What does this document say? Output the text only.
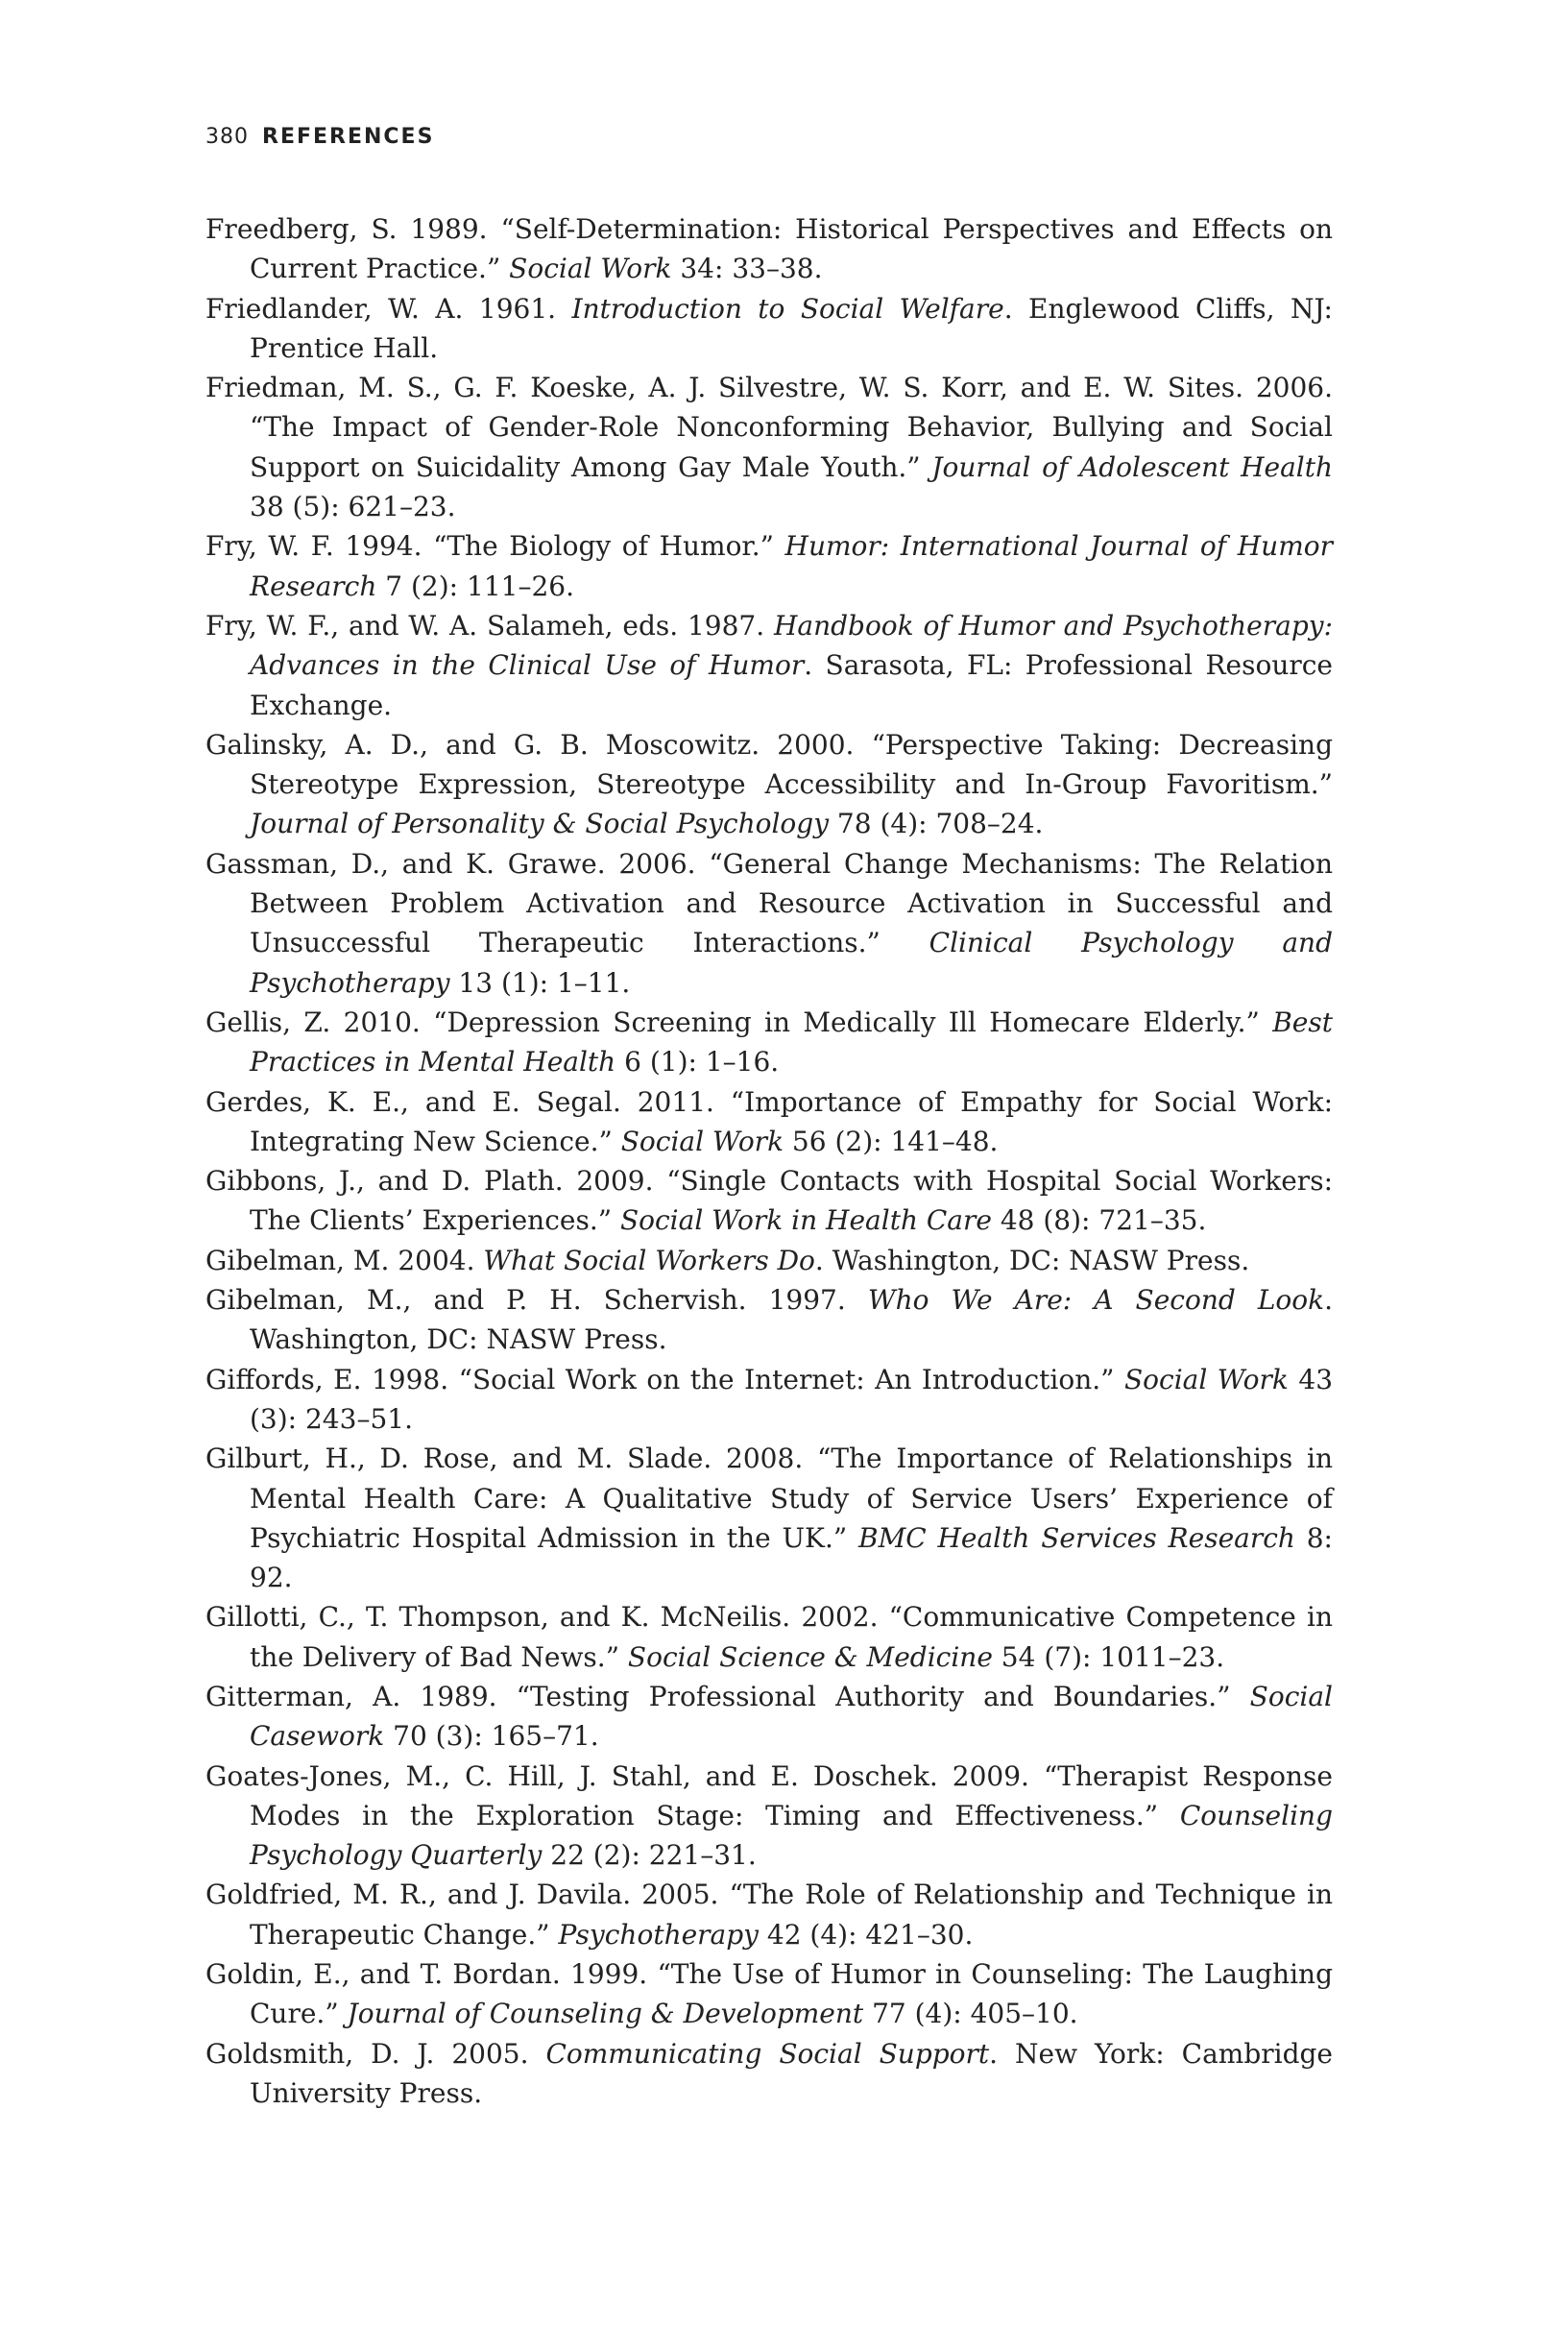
380 REFERENCES

Freedberg, S. 1989. “Self-Determination: Historical Perspectives and Effects on Current Practice.” Social Work 34: 33–38.

Friedlander, W. A. 1961. Introduction to Social Welfare. Englewood Cliffs, NJ: Prentice Hall.

Friedman, M. S., G. F. Koeske, A. J. Silvestre, W. S. Korr, and E. W. Sites. 2006. “The Impact of Gender-Role Nonconforming Behavior, Bullying and Social Support on Suicidality Among Gay Male Youth.” Journal of Adolescent Health 38 (5): 621–23.

Fry, W. F. 1994. “The Biology of Humor.” Humor: International Journal of Humor Research 7 (2): 111–26.

Fry, W. F., and W. A. Salameh, eds. 1987. Handbook of Humor and Psychotherapy: Advances in the Clinical Use of Humor. Sarasota, FL: Professional Resource Exchange.

Galinsky, A. D., and G. B. Moscowitz. 2000. “Perspective Taking: Decreasing Stereotype Expression, Stereotype Accessibility and In-Group Favoritism.” Journal of Personality & Social Psychology 78 (4): 708–24.

Gassman, D., and K. Grawe. 2006. “General Change Mechanisms: The Relation Between Problem Activation and Resource Activation in Successful and Unsuccessful Therapeutic Interactions.” Clinical Psychology and Psychotherapy 13 (1): 1–11.

Gellis, Z. 2010. “Depression Screening in Medically Ill Homecare Elderly.” Best Practices in Mental Health 6 (1): 1–16.

Gerdes, K. E., and E. Segal. 2011. “Importance of Empathy for Social Work: Integrating New Science.” Social Work 56 (2): 141–48.

Gibbons, J., and D. Plath. 2009. “Single Contacts with Hospital Social Workers: The Clients’ Experiences.” Social Work in Health Care 48 (8): 721–35.

Gibelman, M. 2004. What Social Workers Do. Washington, DC: NASW Press.

Gibelman, M., and P. H. Schervish. 1997. Who We Are: A Second Look. Washington, DC: NASW Press.

Giffords, E. 1998. “Social Work on the Internet: An Introduction.” Social Work 43 (3): 243–51.

Gilburt, H., D. Rose, and M. Slade. 2008. “The Importance of Relationships in Mental Health Care: A Qualitative Study of Service Users’ Experience of Psychiatric Hospital Admission in the UK.” BMC Health Services Research 8: 92.

Gillotti, C., T. Thompson, and K. McNeilis. 2002. “Communicative Competence in the Delivery of Bad News.” Social Science & Medicine 54 (7): 1011–23.

Gitterman, A. 1989. “Testing Professional Authority and Boundaries.” Social Casework 70 (3): 165–71.

Goates-Jones, M., C. Hill, J. Stahl, and E. Doschek. 2009. “Therapist Response Modes in the Exploration Stage: Timing and Effectiveness.” Counseling Psychology Quarterly 22 (2): 221–31.

Goldfried, M. R., and J. Davila. 2005. “The Role of Relationship and Technique in Therapeutic Change.” Psychotherapy 42 (4): 421–30.

Goldin, E., and T. Bordan. 1999. “The Use of Humor in Counseling: The Laughing Cure.” Journal of Counseling & Development 77 (4): 405–10.

Goldsmith, D. J. 2005. Communicating Social Support. New York: Cambridge University Press.
